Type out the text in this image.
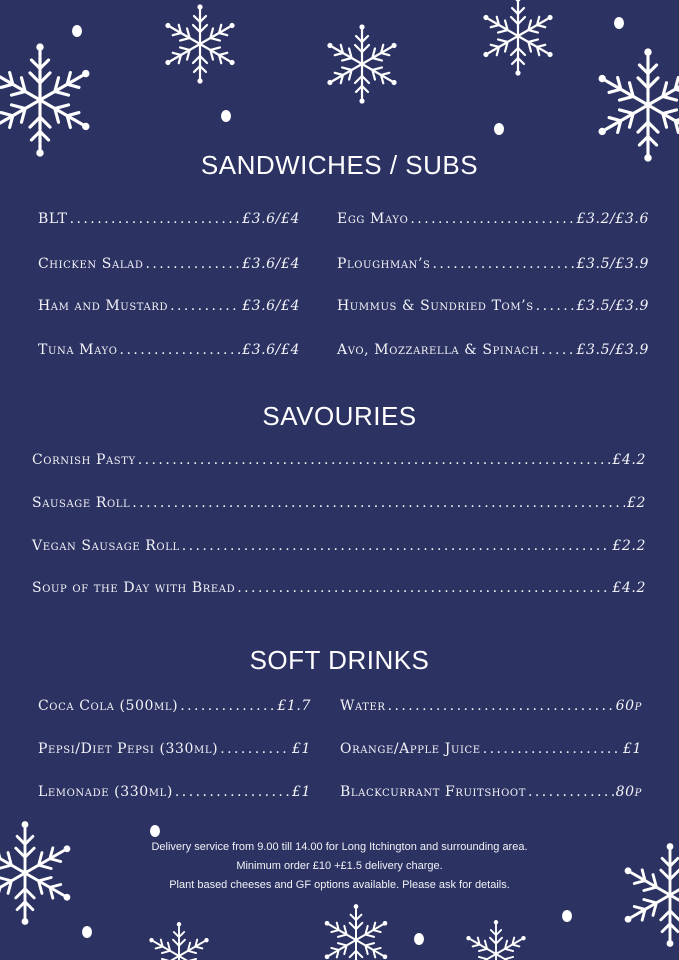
SANDWICHES / SUBS
BLT . . .	£3.6/£4
Chicken Salad . . .	£3.6/£4
Ham and Mustard . . .	£3.6/£4
Tuna Mayo . . .	£3.6/£4
Egg Mayo . . .	£3.2/£3.6
Ploughman’s . . .	£3.5/£3.9
Hummus & Sundried Tom’s . . .	£3.5/£3.9
Avo, Mozzarella & Spinach . . .	£3.5/£3.9
SAVOURIES
Cornish Pasty . . .	£4.2
Sausage Roll . . .	£2
Vegan Sausage Roll . . .	£2.2
Soup of the Day with Bread . . .	£4.2
SOFT DRINKS
Coca Cola (500ml) . . .	£1.7
Pepsi/Diet Pepsi (330ml) . . .	£1
Lemonade (330ml) . . .	£1
Water . . .	60p
Orange/Apple Juice . . .	£1
Blackcurrant Fruitshoot . . .	80p

Delivery service from 9.00 till 14.00 for Long Itchington and surrounding area.

Minimum order £10 +£1.5 delivery charge.

Plant based cheeses and GF options available. Please ask for details.
